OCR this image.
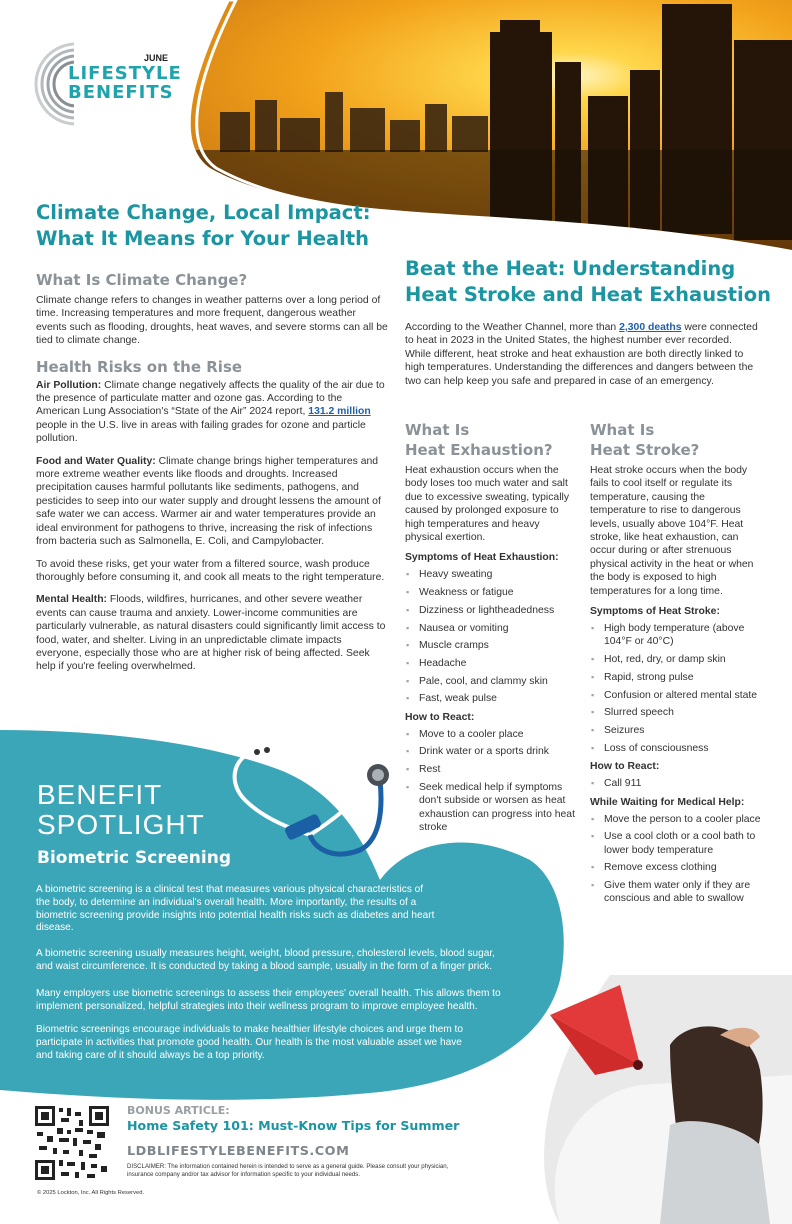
JUNE
LIFESTYLE
BENEFITS
Climate Change, Local Impact: What It Means for Your Health
What Is Climate Change?

Climate change refers to changes in weather patterns over a long period of time. Increasing temperatures and more frequent, dangerous weather events such as flooding, droughts, heat waves, and severe storms can all be tied to climate change.

Health Risks on the Rise

Air Pollution: Climate change negatively affects the quality of the air due to the presence of particulate matter and ozone gas. According to the American Lung Association's “State of the Air” 2024 report, 131.2 million people in the U.S. live in areas with failing grades for ozone and particle pollution.

Food and Water Quality: Climate change brings higher temperatures and more extreme weather events like floods and droughts. Increased precipitation causes harmful pollutants like sediments, pathogens, and pesticides to seep into our water supply and drought lessens the amount of safe water we can access. Warmer air and water temperatures provide an ideal environment for pathogens to thrive, increasing the risk of infections from bacteria such as Salmonella, E. Coli, and Campylobacter.

To avoid these risks, get your water from a filtered source, wash produce thoroughly before consuming it, and cook all meats to the right temperature.

Mental Health: Floods, wildfires, hurricanes, and other severe weather events can cause trauma and anxiety. Lower-income communities are particularly vulnerable, as natural disasters could significantly limit access to food, water, and shelter. Living in an unpredictable climate impacts everyone, especially those who are at higher risk of being affected. Seek help if you're feeling overwhelmed.

Beat the Heat: Understanding Heat Stroke and Heat Exhaustion

According to the Weather Channel, more than 2,300 deaths were connected to heat in 2023 in the United States, the highest number ever recorded. While different, heat stroke and heat exhaustion are both directly linked to high temperatures. Understanding the differences and dangers between the two can help keep you safe and prepared in case of an emergency.

What Is
Heat Exhaustion?

Heat exhaustion occurs when the body loses too much water and salt due to excessive sweating, typically caused by prolonged exposure to high temperatures and heavy physical exertion.

Symptoms of Heat Exhaustion:
▪ Heavy sweating
▪ Weakness or fatigue
▪ Dizziness or lightheadedness
▪ Nausea or vomiting
▪ Muscle cramps
▪ Headache
▪ Pale, cool, and clammy skin
▪ Fast, weak pulse
How to React:
▪ Move to a cooler place
▪ Drink water or a sports drink
▪ Rest
▪ Seek medical help if symptoms don't subside or worsen as heat exhaustion can progress into heat stroke
What Is
Heat Stroke?

Heat stroke occurs when the body fails to cool itself or regulate its temperature, causing the temperature to rise to dangerous levels, usually above 104°F. Heat stroke, like heat exhaustion, can occur during or after strenuous physical activity in the heat or when the body is exposed to high temperatures for a long time.

Symptoms of Heat Stroke:
▪ High body temperature (above 104°F or 40°C)
▪ Hot, red, dry, or damp skin
▪ Rapid, strong pulse
▪ Confusion or altered mental state
▪ Slurred speech
▪ Seizures
▪ Loss of consciousness
How to React:
▪ Call 911
While Waiting for Medical Help:
▪ Move the person to a cooler place
▪ Use a cool cloth or a cool bath to lower body temperature
▪ Remove excess clothing
▪ Give them water only if they are conscious and able to swallow
BENEFIT
SPOTLIGHT
Biometric Screening

A biometric screening is a clinical test that measures various physical characteristics of the body, to determine an individual's overall health. More importantly, the results of a biometric screening provide insights into potential health risks such as diabetes and heart disease.

A biometric screening usually measures height, weight, blood pressure, cholesterol levels, blood sugar, and waist circumference. It is conducted by taking a blood sample, usually in the form of a finger prick.

Many employers use biometric screenings to assess their employees' overall health. This allows them to implement personalized, helpful strategies into their wellness program to improve employee health.

Biometric screenings encourage individuals to make healthier lifestyle choices and urge them to participate in activities that promote good health. Our health is the most valuable asset we have and taking care of it should always be a top priority.

BONUS ARTICLE:
Home Safety 101: Must-Know Tips for Summer
LDBLIFESTYLEBENEFITS.COM

DISCLAIMER: The information contained herein is intended to serve as a general guide. Please consult your physician, insurance company and/or tax advisor for information specific to your individual needs.

© 2025 Lockton, Inc. All Rights Reserved.
